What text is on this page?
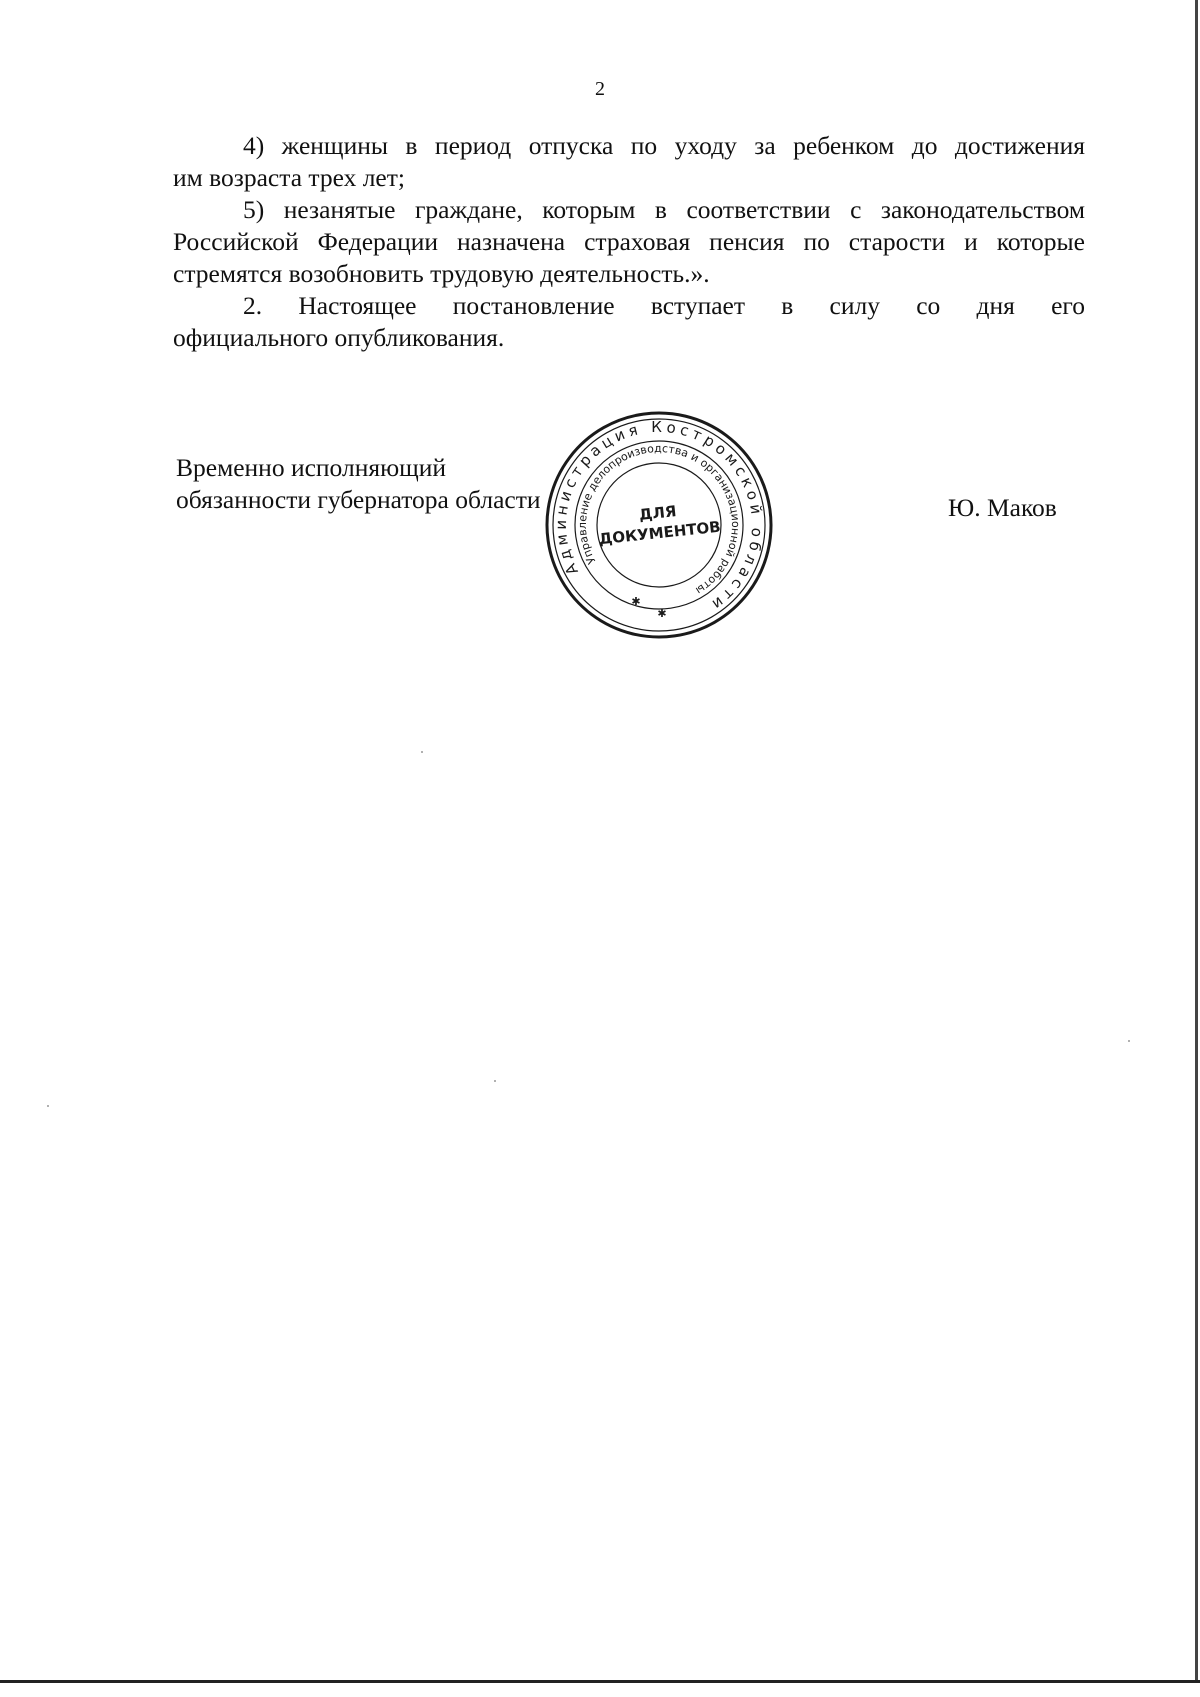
2

4) женщины в период отпуска по уходу за ребенком до достижения

им возраста трех лет;

5) незанятые граждане, которым в соответствии с законодательством Российской Федерации назначена страховая пенсия по старости и которые стремятся возобновить трудовую деятельность.».

2. Настоящее постановление вступает в силу со дня его

официального опубликования.

Временно исполняющий
обязанности губернатора области	Ю. Маков
Администрация Костромской области
Управление делопроизводства и организационной работы
ДЛЯ
ДОКУМЕНТОВ
✱
✱
